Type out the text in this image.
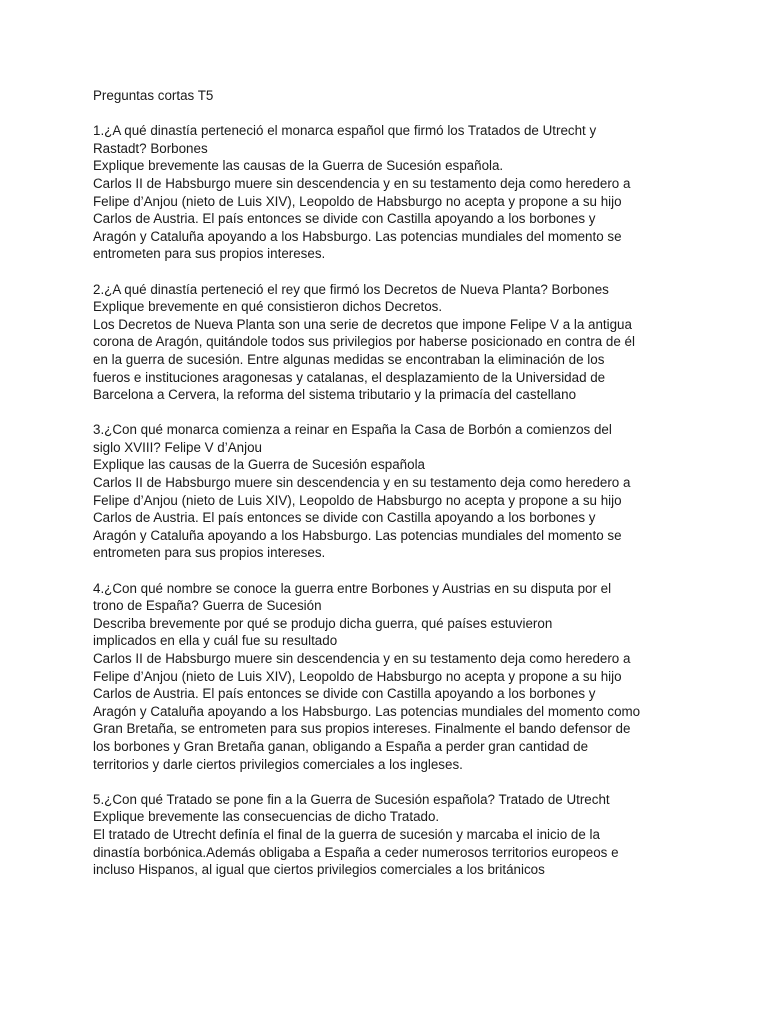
Preguntas cortas T5
1.¿A qué dinastía perteneció el monarca español que firmó los Tratados de Utrecht y
Rastadt? Borbones
Explique brevemente las causas de la Guerra de Sucesión española.
Carlos II de Habsburgo muere sin descendencia y en su testamento deja como heredero a
Felipe d’Anjou (nieto de Luis XIV), Leopoldo de Habsburgo no acepta y propone a su hijo
Carlos de Austria. El país entonces se divide con Castilla apoyando a los borbones y
Aragón y Cataluña apoyando a los Habsburgo. Las potencias mundiales del momento se
entrometen para sus propios intereses.
2.¿A qué dinastía perteneció el rey que firmó los Decretos de Nueva Planta? Borbones
Explique brevemente en qué consistieron dichos Decretos.
Los Decretos de Nueva Planta son una serie de decretos que impone Felipe V a la antigua
corona de Aragón, quitándole todos sus privilegios por haberse posicionado en contra de él
en la guerra de sucesión. Entre algunas medidas se encontraban la eliminación de los
fueros e instituciones aragonesas y catalanas, el desplazamiento de la Universidad de
Barcelona a Cervera, la reforma del sistema tributario y la primacía del castellano
3.¿Con qué monarca comienza a reinar en España la Casa de Borbón a comienzos del
siglo XVIII? Felipe V d’Anjou
Explique las causas de la Guerra de Sucesión española
Carlos II de Habsburgo muere sin descendencia y en su testamento deja como heredero a
Felipe d’Anjou (nieto de Luis XIV), Leopoldo de Habsburgo no acepta y propone a su hijo
Carlos de Austria. El país entonces se divide con Castilla apoyando a los borbones y
Aragón y Cataluña apoyando a los Habsburgo. Las potencias mundiales del momento se
entrometen para sus propios intereses.
4.¿Con qué nombre se conoce la guerra entre Borbones y Austrias en su disputa por el
trono de España? Guerra de Sucesión
Describa brevemente por qué se produjo dicha guerra, qué países estuvieron
implicados en ella y cuál fue su resultado
Carlos II de Habsburgo muere sin descendencia y en su testamento deja como heredero a
Felipe d’Anjou (nieto de Luis XIV), Leopoldo de Habsburgo no acepta y propone a su hijo
Carlos de Austria. El país entonces se divide con Castilla apoyando a los borbones y
Aragón y Cataluña apoyando a los Habsburgo. Las potencias mundiales del momento como
Gran Bretaña, se entrometen para sus propios intereses. Finalmente el bando defensor de
los borbones y Gran Bretaña ganan, obligando a España a perder gran cantidad de
territorios y darle ciertos privilegios comerciales a los ingleses.
5.¿Con qué Tratado se pone fin a la Guerra de Sucesión española? Tratado de Utrecht
Explique brevemente las consecuencias de dicho Tratado.
El tratado de Utrecht definía el final de la guerra de sucesión y marcaba el inicio de la
dinastía borbónica.Además obligaba a España a ceder numerosos territorios europeos e
incluso Hispanos, al igual que ciertos privilegios comerciales a los británicos
